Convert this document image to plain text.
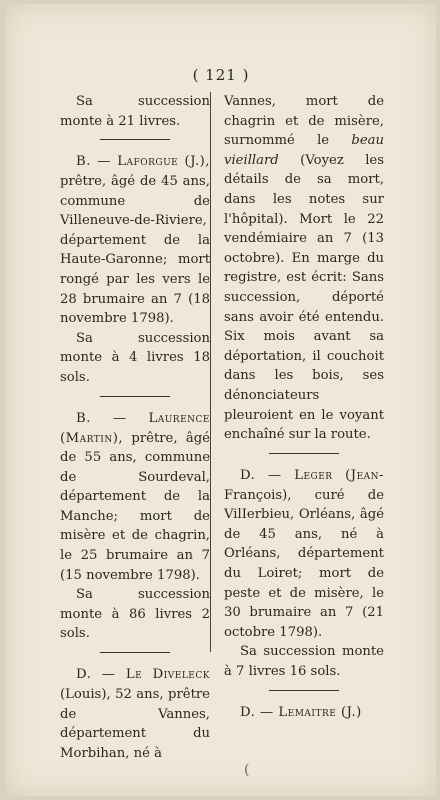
( 121 )

Sa succession monte à 21 livres.

B. — Laforgue (J.), prêtre, âgé de 45 ans, commune de Villeneuve-de-Riviere, département de la Haute-Garonne; mort rongé par les vers le 28 brumaire an 7 (18 novembre 1798).

Sa succession monte à 4 livres 18 sols.

B. — Laurence (Martin), prêtre, âgé de 55 ans, commune de Sourdeval, département de la Manche; mort de misère et de chagrin, le 25 brumaire an 7 (15 novembre 1798).

Sa succession monte à 86 livres 2 sols.

D. — Le Diveleck (Louis), 52 ans, prêtre de Vannes, département du Morbihan, né à

Vannes, mort de chagrin et de misère, surnommé le beau vieillard (Voyez les détails de sa mort, dans les notes sur l'hôpital). Mort le 22 vendémiaire an 7 (13 octobre). En marge du registre, est écrit: Sans succession, déporté sans avoir été entendu. Six mois avant sa déportation, il couchoit dans les bois, ses dénonciateurs pleuroient en le voyant enchaîné sur la route.

D. — Leger (Jean- François), curé de VilIerbieu, Orléans, âgé de 45 ans, né à Orléans, département du Loiret; mort de peste et de misère, le 30 brumaire an 7 (21 octobre 1798).

Sa succession monte à 7 livres 16 sols.

D. — Lemaitre (J.)

(
